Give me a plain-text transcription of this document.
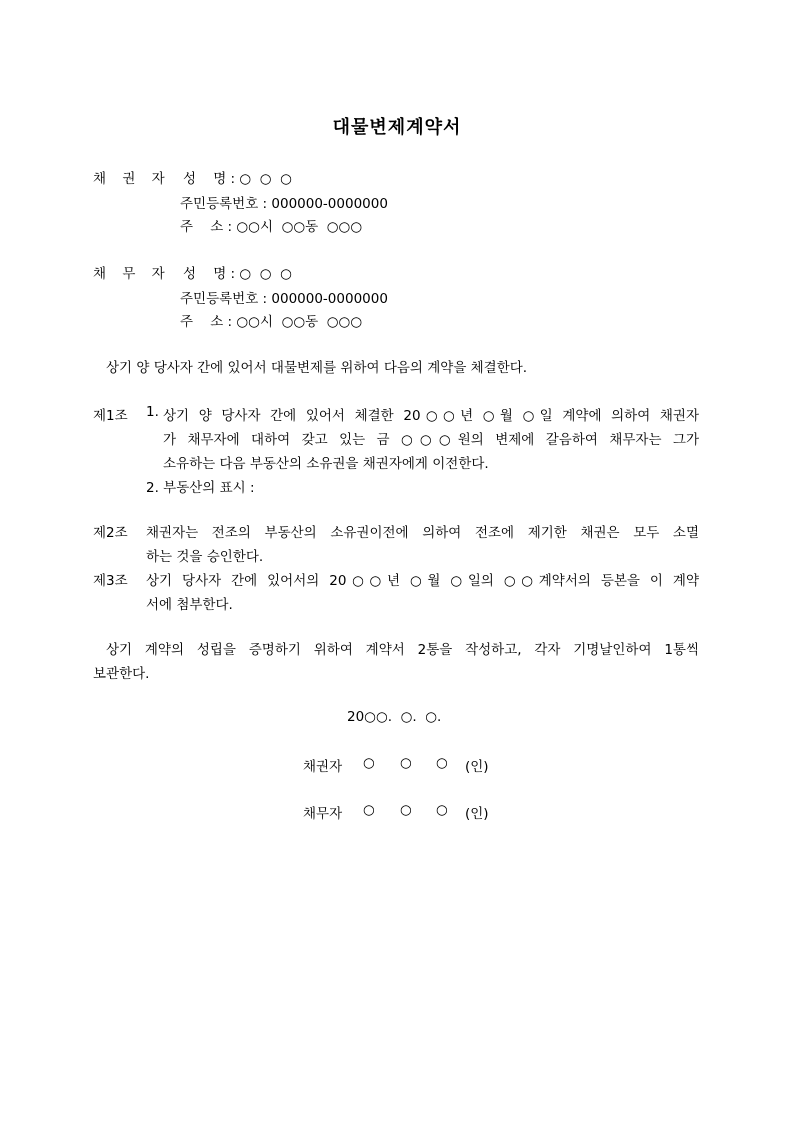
대물변제계약서
채 권 자 성    명 : ○  ○  ○
주민등록번호 : 000000-0000000
주    소 : ○○시  ○○동  ○○○
채 무 자 성    명 : ○  ○  ○
주민등록번호 : 000000-0000000
주    소 : ○○시  ○○동  ○○○
상기 양 당사자 간에 있어서 대물변제를 위하여 다음의 계약을 체결한다.
제1조 1. 상기 양 당사자 간에 있어서 체결한 20○○년 ○월 ○일 계약에 의하여 채권자
가 채무자에 대하여 갖고 있는 금 ○○○원의 변제에 갈음하여 채무자는 그가
소유하는 다음 부동산의 소유권을 채권자에게 이전한다.
2. 부동산의 표시 :
제2조 채권자는 전조의 부동산의 소유권이전에 의하여 전조에 제기한 채권은 모두 소멸
하는 것을 승인한다.
제3조 상기 당사자 간에 있어서의 20○○년 ○월 ○일의 ○○계약서의 등본을 이 계약
서에 첨부한다.
상기 계약의 성립을 증명하기 위하여 계약서 2통을 작성하고, 각자 기명날인하여 1통씩
보관한다.
20○○.  ○.  ○.
채권자 ○ ○ ○ (인)
채무자 ○ ○ ○ (인)
